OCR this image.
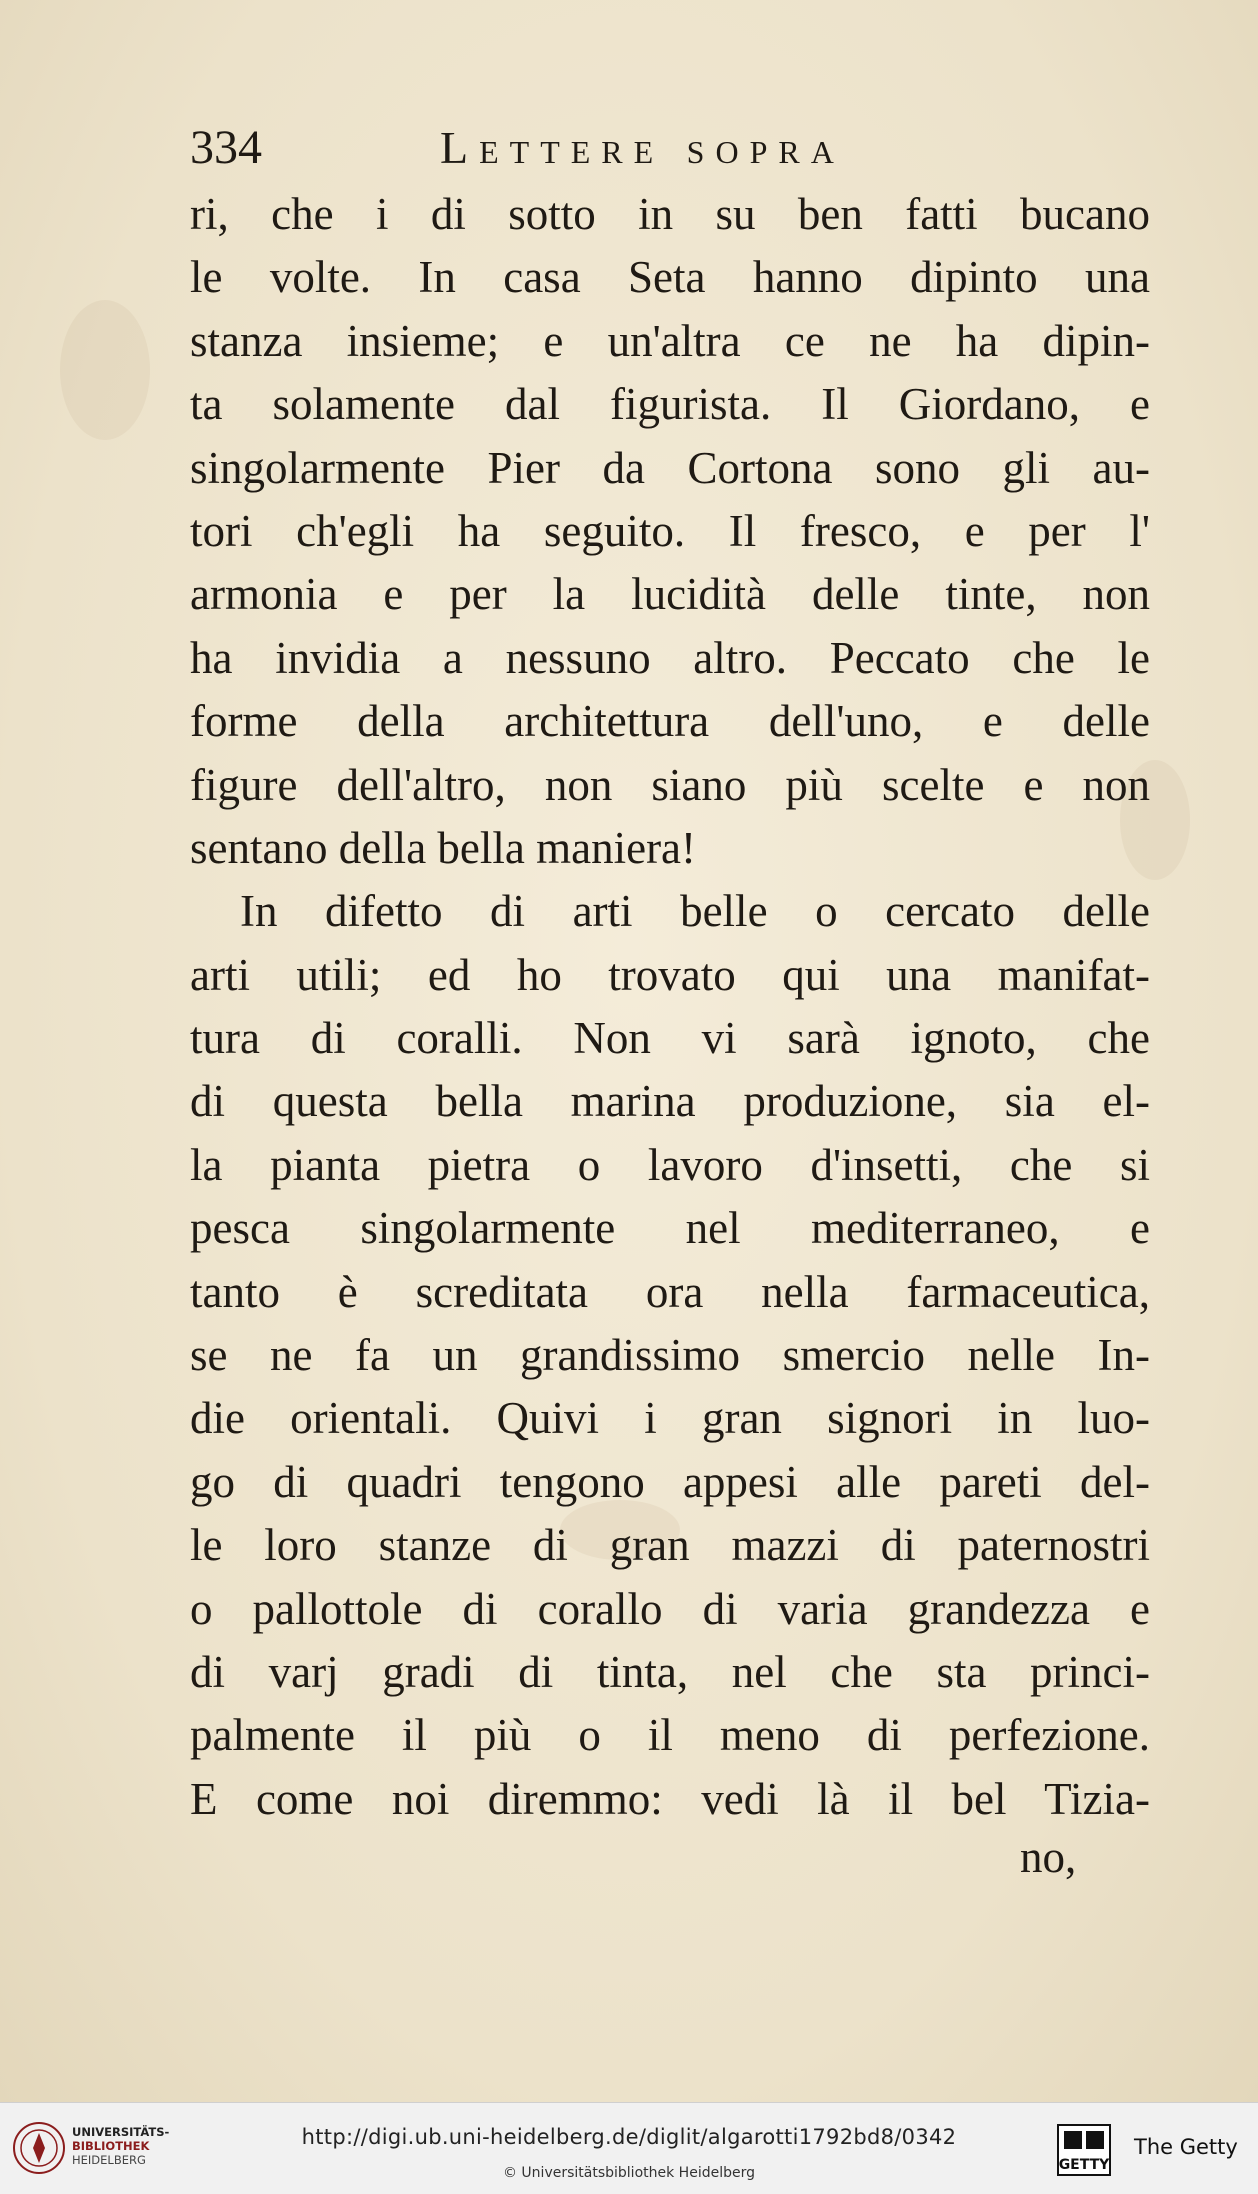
334	Lettere sopra
ri, che i di sotto in su ben fatti bucano
le volte. In casa Seta hanno dipinto una
stanza insieme; e un'altra ce ne ha dipin-
ta solamente dal figurista. Il Giordano, e
singolarmente Pier da Cortona sono gli au-
tori ch'egli ha seguito. Il fresco, e per l'
armonia e per la lucidità delle tinte, non
ha invidia a nessuno altro. Peccato che le
forme della architettura dell'uno, e delle
figure dell'altro, non siano più scelte e non
sentano della bella maniera!
In difetto di arti belle o cercato delle
arti utili; ed ho trovato qui una manifat-
tura di coralli. Non vi sarà ignoto, che
di questa bella marina produzione, sia el-
la pianta pietra o lavoro d'insetti, che si
pesca singolarmente nel mediterraneo, e
tanto è screditata ora nella farmaceutica,
se ne fa un grandissimo smercio nelle In-
die orientali. Quivi i gran signori in luo-
go di quadri tengono appesi alle pareti del-
le loro stanze di gran mazzi di paternostri
o pallottole di corallo di varia grandezza e
di varj gradi di tinta, nel che sta princi-
palmente il più o il meno di perfezione.
E come noi diremmo: vedi là il bel Tizia-
no,
UNIVERSITÄTS-
BIBLIOTHEK
HEIDELBERG
http://digi.ub.uni-heidelberg.de/diglit/algarotti1792bd8/0342
© Universitätsbibliothek Heidelberg	GETTY
The Getty
